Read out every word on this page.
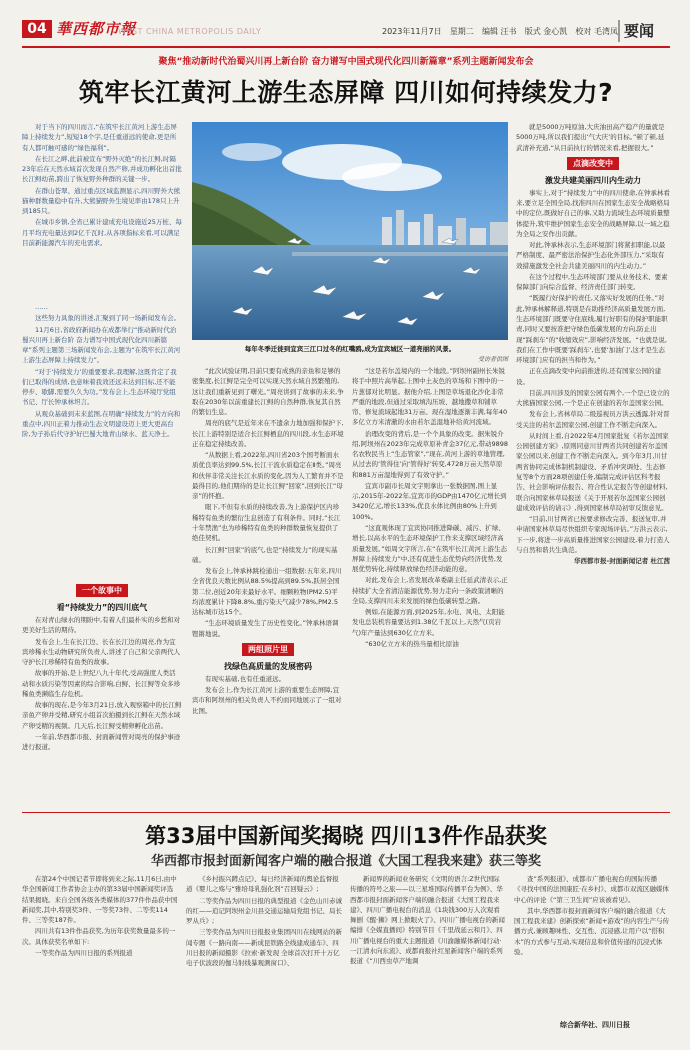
04 華西都市報
WEST CHINA METROPOLIS DAILY	2023年11月7日 星期二 编辑 汪书 版式 金心凯 校对 毛湾凤 要闻
聚焦“推动新时代治蜀兴川再上新台阶 奋力谱写中国式现代化四川新篇章”系列主题新闻发布会
筑牢长江黄河上游生态屏障 四川如何持续发力?

对于当下的四川而言,“在筑牢长江黄河上游生态屏障上持续发力”,短短18个字,是任重道远的使命,更是所有人都可触可感的“绿色福利”。

在长江之畔,此前被宣布“野外灭绝”的长江鲟,时隔23年后在天然水域首次发现自然产卵,并成功孵化出首批长江鲟幼苗,跨出了恢复野外种群的关键一步。

在群山苍翠、通过重点区域监测显示,四川野外大熊猫种群数量稳中有升,大熊猫野外生境见率由178只上升到185只。

在城市乡镇,全省已累计建成充电设施近25万桩、每月平均充电量达到2亿千瓦时,从各项指标来看,可以满足目前新能源汽车的充电需求。

……

这些努力具象的讲述,汇聚到了同一场新闻发布会。

11月6日,省政府新闻办在成都举行“推动新时代治蜀兴川再上新台阶 奋力谱写中国式现代化四川新篇章”系列主题第三场新闻发布会,主题为“在筑牢长江黄河上游生态屏障上持续发力”。

“对于‘持续发力’的重要要求,我理解,这既肯定了我们已取得的成绩,也意味着我效还远未达到目标,还不能停步、歇脚,需要久久为功。”发布会上,生态环境厅党组书记、厅长钟承林坦言。

从观众基础到未来蓝图,在明确“持续发力”的方向和重点中,四川正着力推动生态文明建设迈上更大更高台阶,为子孙后代守护好巴蜀大地青山绿水、蓝天净土。

一个故事中
看“持续发力”的四川底气

在对青山绿水的期盼中,有着人们最朴实的乡愁和对更美好生活的期待。

发布会上,生在长江边、长在长江边的周亮,作为宜宾珍稀水生动物研究所负责人,讲述了自己和父亲两代人守护长江珍稀特有鱼类的故事。

故事的开始,是上世纪八九十年代,受高强度人类活动和水质污染等因素的综合影响,白鲟、长江鲟等众多珍稀鱼类濒临生存危机。

故事的现在,是今年3月21日,放入观察箱中的长江鲟亲鱼产卵并受精,研究小组首次拍摄到长江鲟在天然水域产卵受精的视频。几天后,长江鲟受精卵孵化出苗。

一年前,华西都市报、封面新闻曾对周亮的保护事迹进行报道。

每年冬季迁徙到宜宾三江口过冬的红嘴鸥,成为宜宾城区一道亮丽的风景。
受访者供图

“此次试验证明,目前只要有成熟的亲鱼和足够的密集度,长江鲟是完全可以实现天然水域自然繁殖的,这让我们重新见到了曙光。”周亮讲到了故事的未来,争取在2030年以前重建长江鲟的自然种群,恢复其自然的繁衍生息。

周亮的底气是近年来在不遗余力地加强和保护下,长江上游特别是适合长江鲟栖息的四川段,水生态环境正在稳定持续改善。

“从数据上看,2022年,四川省203个国考断面水质优良率达到99.5%,长江干流水质稳定在Ⅱ类。”周亮和伙伴非常关注长江水质的变化,因为人工繁育并不是最得目的,他们期待的是让长江鲟“回家”,回到长江“母亲”的怀抱。

眼下,不但有水质的持续改善,为上游保护区内珍稀特有鱼类的繁衍生息创造了有利条件。同时,“长江十年禁渔”也为珍稀特有鱼类的种群数量恢复提供了绝佳契机。

长江鲟“回家”的底气,也是“持续发力”的现实基础。

发布会上,钟承林跳检通出一组数据:五年来,四川全省优良天数比例从88.5%提高到89.5%,跃居全国第二位,创近20年来最好水平。细颗粒物(PM2.5)平均浓度累计下降8.8%,重污染天气减少78%,PM2.5达标城市达15个。

“生态环境质量发生了历史性变化。”钟承林语调铿锵地说。

两组照片里
找绿色高质量的发展密码

有现实基础,也有任重道远。

发布会上,作为长江黄河上游的重要生态屏障,宜宾市和阿坝州的相关负责人不约而同地展示了一组对比图。

“这是若尔盖境内的一个地段。”阿坝州副州长朱锐将手中照片高举起,上图中土灰色的草场和下图中的一片葱郁对比明显。据他介绍,上图是草场退化沙化非常严重的地段,但通过采取填沟压坡、越地撒草和铺草帘、修复流域起地31万亩。现在湿地逐渐丰满,每年40多亿立方米清澈的水由若尔盖湿地补给黄河流域。

治理改变的背后,是一个个具象的改变。据朱锐介绍,阿坝州在2023年完成草原补青金37亿元,带动9898名农牧民当上“生态管家”,“现在,黄河上游的草地管理,从过去的‘管得住’向‘管得好’转变,4728万亩天然草原和881万亩湿地得到了有效守护。”

宜宾市副市长周文宇则拿出一张数据图,图上显示,2015年-2022年,宜宾市的GDP由1470亿元增长到3420亿元,增长133%,优良水体比例由80%上升到100%。

“这直观体现了宜宾协同推进降碳、减污、扩绿、增长,以高水平的生态环境保护工作来支撑区域经济高质量发展。”如周文宇所言,在“在筑牢长江黄河上游生态屏障上持续发力”中,还有促进生态优势向经济优势,发展优势转化,持续释放绿色经济动能的意。

对此,发布会上,省发展改革委副主任延武清表示,正持续扩大全省清洁能源优势,努力走向一条政策清晰的全局,支撑四川未来发展的绿色低碳转型之路。

例如,在能源方面,到2025年,水电、风电、太阳能发电总装机容量要达到1.38亿千瓦以上,天然气(页岩气)年产量达到630亿立方米。

“630亿立方米的热当量相比原油

就是5000万吨原油,大庆油田高产稳产的量就是5000万吨,所以我们提出‘气大庆’的目标。”顿了顿,延武清补充道,“从目前执行的情况来看,把握很大。”

点滴改变中
激发共建美丽四川内生动力

事实上,对于“持续发力”中的四川使命,在钟承林看来,要立足全国全局,找准四川在国家生态安全战略格局中的定位,既做好自己的事,又助力流域生态环境质量整体提升,筑牢维护国家生态安全的战略屏障,以一域之稳为全局之安作出贡献。

对此,钟承林表示,生态环境部门将紧扣职能,以最严格制度、最严密法治保护生态化外部压力,“采取有效措施激发全社会共建美丽四川的内生动力。”

在这个过程中,生态环境部门要从业务技术、要素保障部门向综合监督、经济责任部门转变。

“既履行好保护的责任,又落实好发展的任务。”对此,钟承林解释道,特别是在助推经济高质量发展方面,生态环境部门既要守住底线,履行好职有的保护职能职责,同时又要按准把守绿色低碳发展的方向,防止出现“踩刹车”的“收缩效应”,影响经济发展。“也就是说,我们在工作中既要‘踩刹车’,也要‘加油门’,这才是生态环境部门应有的担当和作为。”

正在点滴改变中向前推进的,还有国家公园的建设。

目前,四川涉及的国家公园有两个,一个是已设立的大熊猫国家公园,一个是正在创建的若尔盖国家公园。

发布会上,省林草局二级巡视员万洪云透露,针对晋受关注的若尔盖国家公园,创建工作不断走向深入。

从时间上看,自2022年4月国家批复《若尔盖国家公园创建方案》,原则同意川甘两省共同创建若尔盖国家公园以来,创建工作不断走向深入。到今年3月,川甘两省协同完成体制机制建设、矛盾冲突调处、生态修复等8个方面28项创建任务,编制完成评估区科考报告、社会影响评估报告、符合性认定报告等创建材料,联合向国家林草局报送《关于开展若尔盖国家公园创建成效评估的请示》,得到国家林草局初审反馈意见。

“目前,川甘两省已按要求修改完善、报送复审,并申请国家林草局尽快组织专家现场评估。”万洪云表示,下一步,将进一步高质量推进国家公园建设,着力打造人与自然和谐共生典范。

华西都市报-封面新闻记者 杜江茜

第33届中国新闻奖揭晓 四川13件作品获奖
华西都市报封面新闻客户端的融合报道《大国工程我来建》获三等奖

在第24个中国记者节即将到来之际,11月6日,由中华全国新闻工作者协会主办的第33届中国新闻奖评选结果揭晓。来自全国各级各类媒体的377件作品获中国新闻奖,其中,特别奖3件、一等奖73件、二等奖114件、三等奖187件。

四川共有13件作品获奖,为历年获奖数量最多的一次。具体获奖名单如下:

一等奖作品为四川日报的系列报道

《乡村振兴蹲点记》、每日经济新闻的舆论监督报道《婴儿之殇与“雅培母乳强化剂”召回疑云》;

二等奖作品为四川日报的典型报道《金色山川赤诚的红——追记阿坝州金川县交通运输局党组书记、局长罗从兵》;

三等奖作品为四川日报报业集团四川在线网站的新闻专题《一路向南——新成昆铁路全线建成通车》、四川日报的新闻摄影《拉索·新发现 全球首次打开十万亿电子伏波段的伽马射线暴观测窗口》、

新闻界的新闻业务研究《文明的语言:Z世代国际传播的符号之旅——以三星堆国际传播平台为例》、华西都市报封面新闻客户端的融合报道《大国工程我来建》、四川广播电视台的消息《1块钱300万人次观看 舞剧《醒·狮》网上掀眼火了》、四川广播电视台的新闻编排《全媒直播间》特别节目《千里战延云和月》、四川广播电视台的重大主题报道《川渝融媒体新闻行动·一江清水向东流》、成都商报社红星新闻客户端的系列报道《“川西虫草产地调

查”系列报道》、成都市广播电视台的国际传播《寻找中国的法国康匠·在乡村》、成都市双流区融媒体中心的评论《“第三卫生间”应该被看见》。

其中,华西都市报封面新闻客户端的融合报道《大国工程我来建》创新探索“新闻+游戏”的内容生产与传播方式,兼顾趣味性、交互性、沉浸感,让用户以“搭积木”的方式参与互动,实现信息和价值传递的沉浸式体验。

综合新华社、四川日报
